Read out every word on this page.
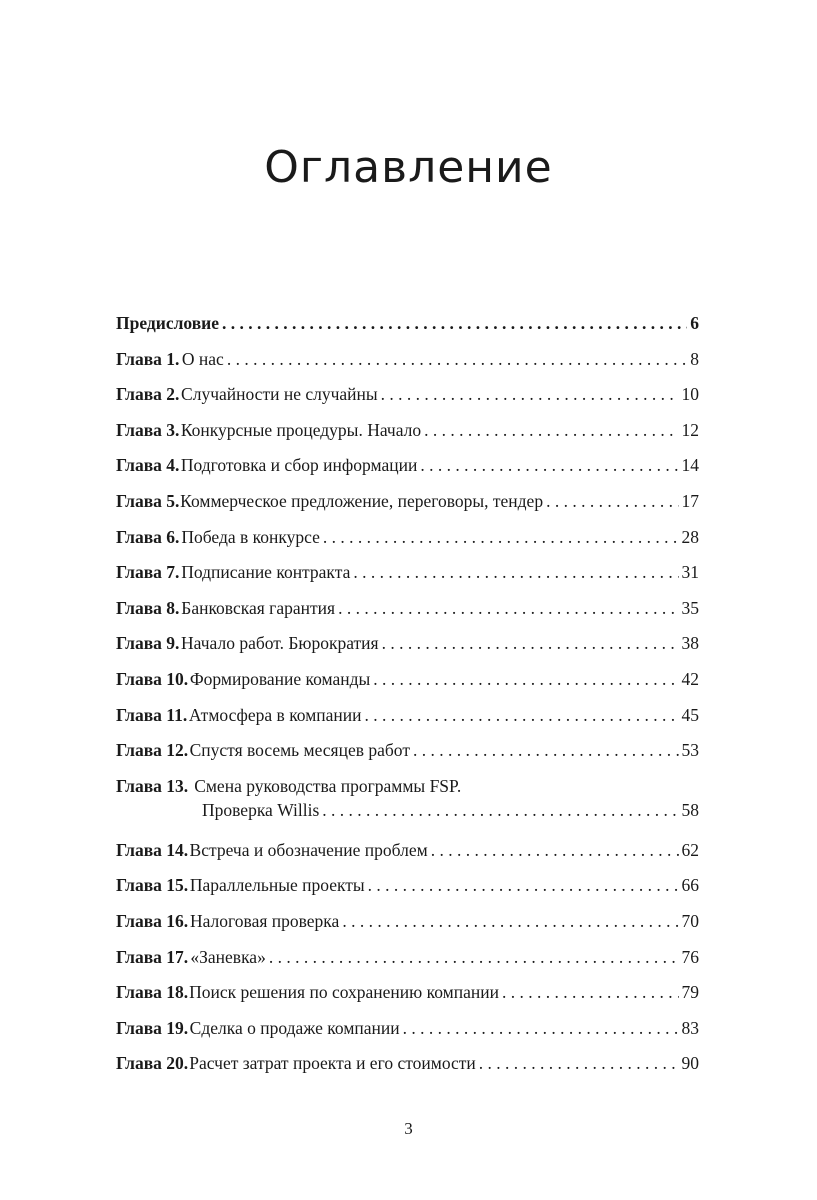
Оглавление
Предисловие . . .	6
Глава 1. О нас . . .	8
Глава 2. Случайности не случайны . . .	10
Глава 3. Конкурсные процедуры. Начало . . .	12
Глава 4. Подготовка и сбор информации . . .	14
Глава 5. Коммерческое предложение, переговоры, тендер . . .	17
Глава 6. Победа в конкурсе . . .	28
Глава 7. Подписание контракта . . .	31
Глава 8. Банковская гарантия . . .	35
Глава 9. Начало работ. Бюрократия . . .	38
Глава 10. Формирование команды . . .	42
Глава 11. Атмосфера в компании . . .	45
Глава 12. Спустя восемь месяцев работ . . .	53
Глава 13. Смена руководства программы FSP.
Проверка Willis . . .	58
Глава 14. Встреча и обозначение проблем . . .	62
Глава 15. Параллельные проекты . . .	66
Глава 16. Налоговая проверка . . .	70
Глава 17. «Заневка» . . .	76
Глава 18. Поиск решения по сохранению компании . . .	79
Глава 19. Сделка о продаже компании . . .	83
Глава 20. Расчет затрат проекта и его стоимости . . .	90
3
